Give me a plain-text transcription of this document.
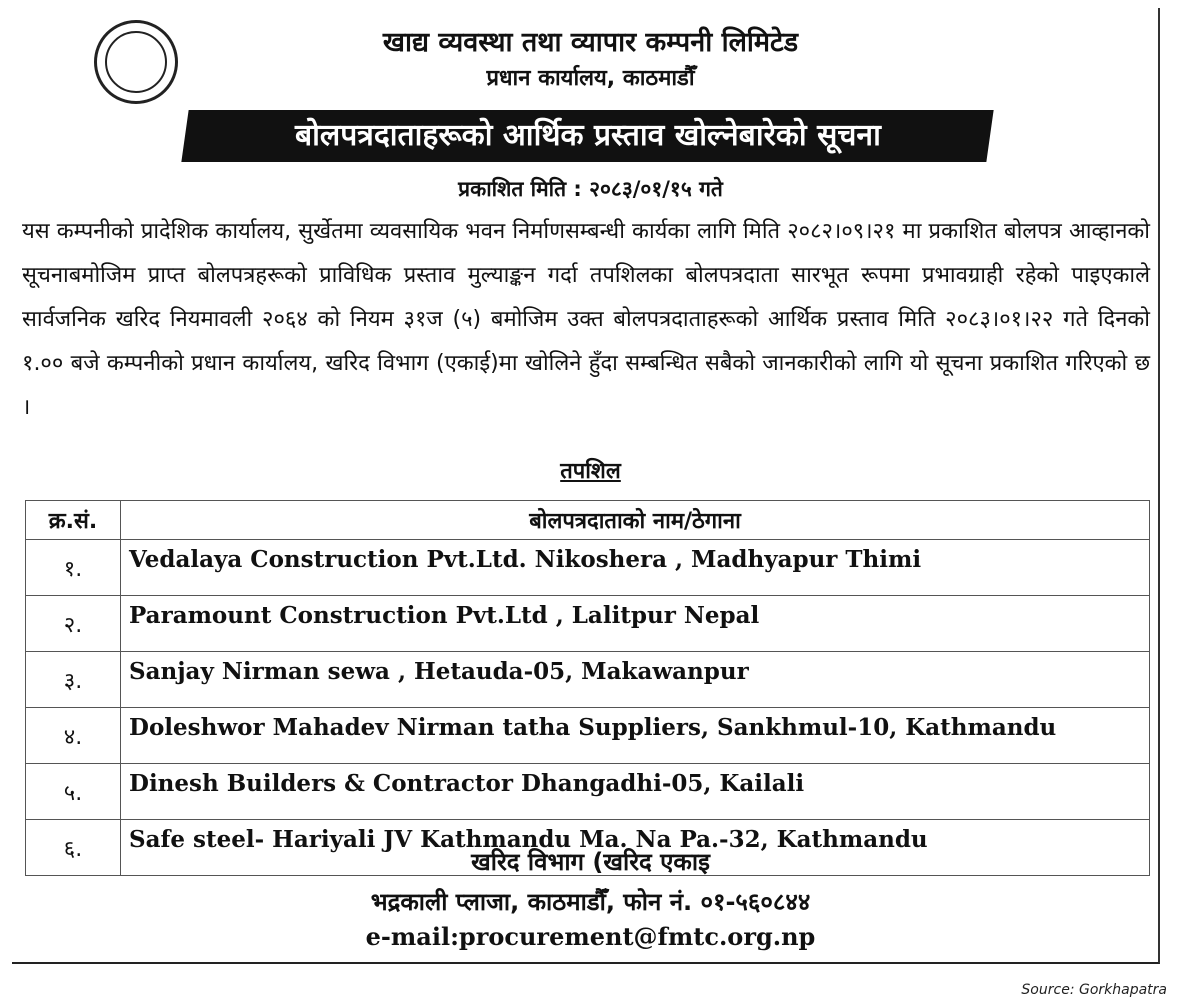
खाद्य व्यवस्था तथा व्यापार कम्पनी लिमिटेड
प्रधान कार्यालय, काठमाडौँ
बोलपत्रदाताहरूको आर्थिक प्रस्ताव खोल्नेबारेको सूचना
प्रकाशित मिति : २०८३/०१/१५ गते
यस कम्पनीको प्रादेशिक कार्यालय, सुर्खेतमा व्यवसायिक भवन निर्माणसम्बन्धी कार्यका लागि मिति २०८२।०९।२१ मा प्रकाशित बोलपत्र आव्हानको सूचनाबमोजिम प्राप्त बोलपत्रहरूको प्राविधिक प्रस्ताव मुल्याङ्कन गर्दा तपशिलका बोलपत्रदाता सारभूत रूपमा प्रभावग्राही रहेको पाइएकाले सार्वजनिक खरिद नियमावली २०६४ को नियम ३१ज (५) बमोजिम उक्त बोलपत्रदाताहरूको आर्थिक प्रस्ताव मिति २०८३।०१।२२ गते दिनको १.०० बजे कम्पनीको प्रधान कार्यालय, खरिद विभाग (एकाई)मा खोलिने हुँदा सम्बन्धित सबैको जानकारीको लागि यो सूचना प्रकाशित गरिएको छ ।
तपशिल
क्र.सं.	बोलपत्रदाताको नाम/ठेगाना
१.	Vedalaya Construction Pvt.Ltd. Nikoshera , Madhyapur Thimi
२.	Paramount Construction Pvt.Ltd , Lalitpur Nepal
३.	Sanjay Nirman sewa , Hetauda-05, Makawanpur
४.	Doleshwor Mahadev Nirman tatha Suppliers, Sankhmul-10, Kathmandu
५.	Dinesh Builders & Contractor Dhangadhi-05, Kailali
६.	Safe steel- Hariyali JV Kathmandu Ma. Na Pa.-32, Kathmandu
खरिद विभाग (खरिद एकाइ
भद्रकाली प्लाजा, काठमाडौँ, फोन नं. ०१-५६०८४४
e-mail:procurement@fmtc.org.np
Source: Gorkhapatra
